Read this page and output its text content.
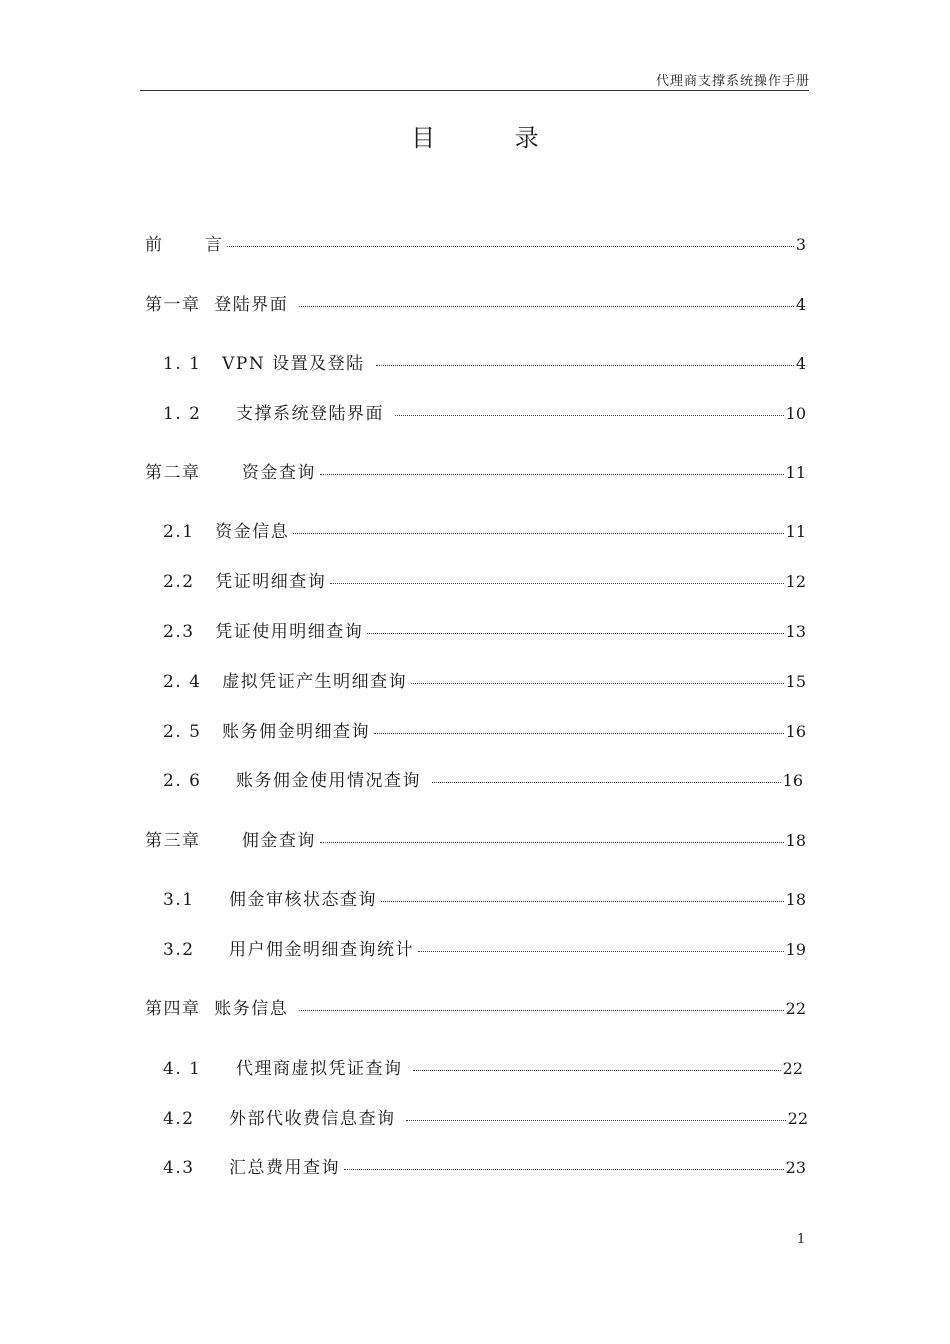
代理商支撑系统操作手册
目 录
前      言	3
第一章  登陆界面	4
1. 1   VPN 设置及登陆	4
1. 2     支撑系统登陆界面	10
第二章      资金查询	11
2.1   资金信息	11
2.2   凭证明细查询	12
2.3   凭证使用明细查询	13
2. 4   虚拟凭证产生明细查询	15
2. 5   账务佣金明细查询	16
2. 6     账务佣金使用情况查询	16
第三章      佣金查询	18
3.1     佣金审核状态查询	18
3.2     用户佣金明细查询统计	19
第四章  账务信息	22
4. 1     代理商虚拟凭证查询	22
4.2     外部代收费信息查询	22
4.3     汇总费用查询	23
1
